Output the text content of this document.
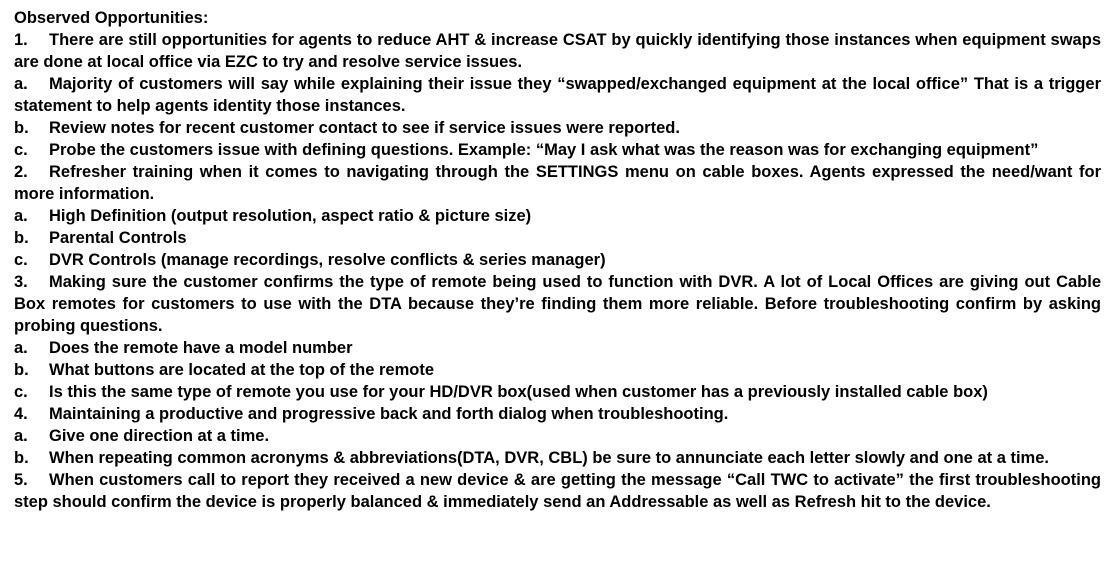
Observed Opportunities:
1. There are still opportunities for agents to reduce AHT & increase CSAT by quickly identifying those instances when equipment swaps are done at local office via EZC to try and resolve service issues.
a. Majority of customers will say while explaining their issue they “swapped/exchanged equipment at the local office” That is a trigger statement to help agents identity those instances.
b. Review notes for recent customer contact to see if service issues were reported.
c. Probe the customers issue with defining questions. Example: “May I ask what was the reason was for exchanging equipment”
2. Refresher training when it comes to navigating through the SETTINGS menu on cable boxes. Agents expressed the need/want for more information.
a. High Definition (output resolution, aspect ratio & picture size)
b. Parental Controls
c. DVR Controls (manage recordings, resolve conflicts & series manager)
3. Making sure the customer confirms the type of remote being used to function with DVR. A lot of Local Offices are giving out Cable Box remotes for customers to use with the DTA because they’re finding them more reliable. Before troubleshooting confirm by asking probing questions.
a. Does the remote have a model number
b. What buttons are located at the top of the remote
c. Is this the same type of remote you use for your HD/DVR box(used when customer has a previously installed cable box)
4. Maintaining a productive and progressive back and forth dialog when troubleshooting.
a. Give one direction at a time.
b. When repeating common acronyms & abbreviations(DTA, DVR, CBL) be sure to annunciate each letter slowly and one at a time.
5. When customers call to report they received a new device & are getting the message “Call TWC to activate” the first troubleshooting step should confirm the device is properly balanced & immediately send an Addressable as well as Refresh hit to the device.
